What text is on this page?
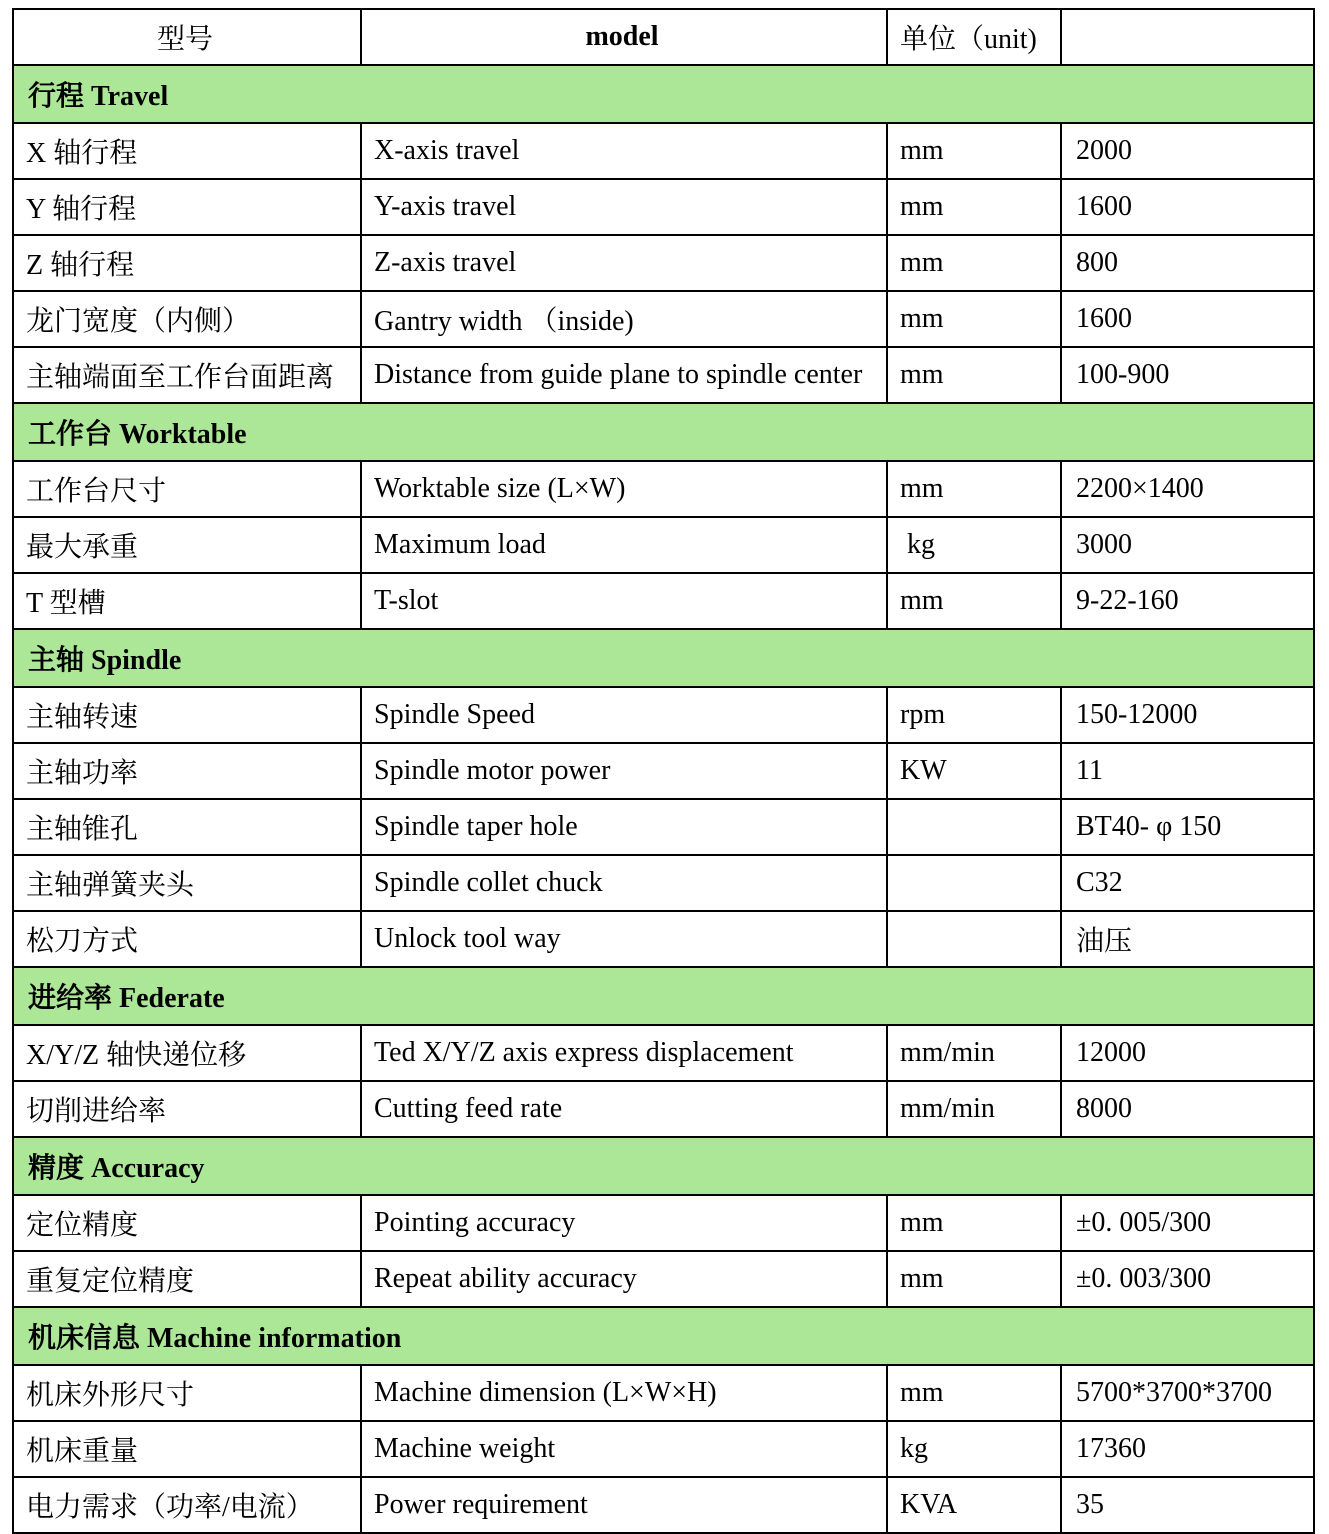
型号	model	单位（unit)	
行程 Travel			
X 轴行程	X-axis travel	mm	2000
Y 轴行程	Y-axis travel	mm	1600
Z 轴行程	Z-axis travel	mm	800
龙门宽度（内侧）	Gantry width （inside)	mm	1600
主轴端面至工作台面距离	Distance from guide plane to spindle center	mm	100-900
工作台 Worktable			
工作台尺寸	Worktable size (L×W)	mm	2200×1400
最大承重	Maximum load	kg	3000
T 型槽	T-slot	mm	9-22-160
主轴 Spindle			
主轴转速	Spindle Speed	rpm	150-12000
主轴功率	Spindle motor power	KW	11
主轴锥孔	Spindle taper hole		BT40- φ 150
主轴弹簧夹头	Spindle collet chuck		C32
松刀方式	Unlock tool way		油压
进给率 Federate			
X/Y/Z 轴快递位移	Ted X/Y/Z axis express displacement	mm/min	12000
切削进给率	Cutting feed rate	mm/min	8000
精度 Accuracy			
定位精度	Pointing accuracy	mm	±0. 005/300
重复定位精度	Repeat ability accuracy	mm	±0. 003/300
机床信息 Machine information			
机床外形尺寸	Machine dimension (L×W×H)	mm	5700*3700*3700
机床重量	Machine weight	kg	17360
电力需求（功率/电流）	Power requirement	KVA	35
